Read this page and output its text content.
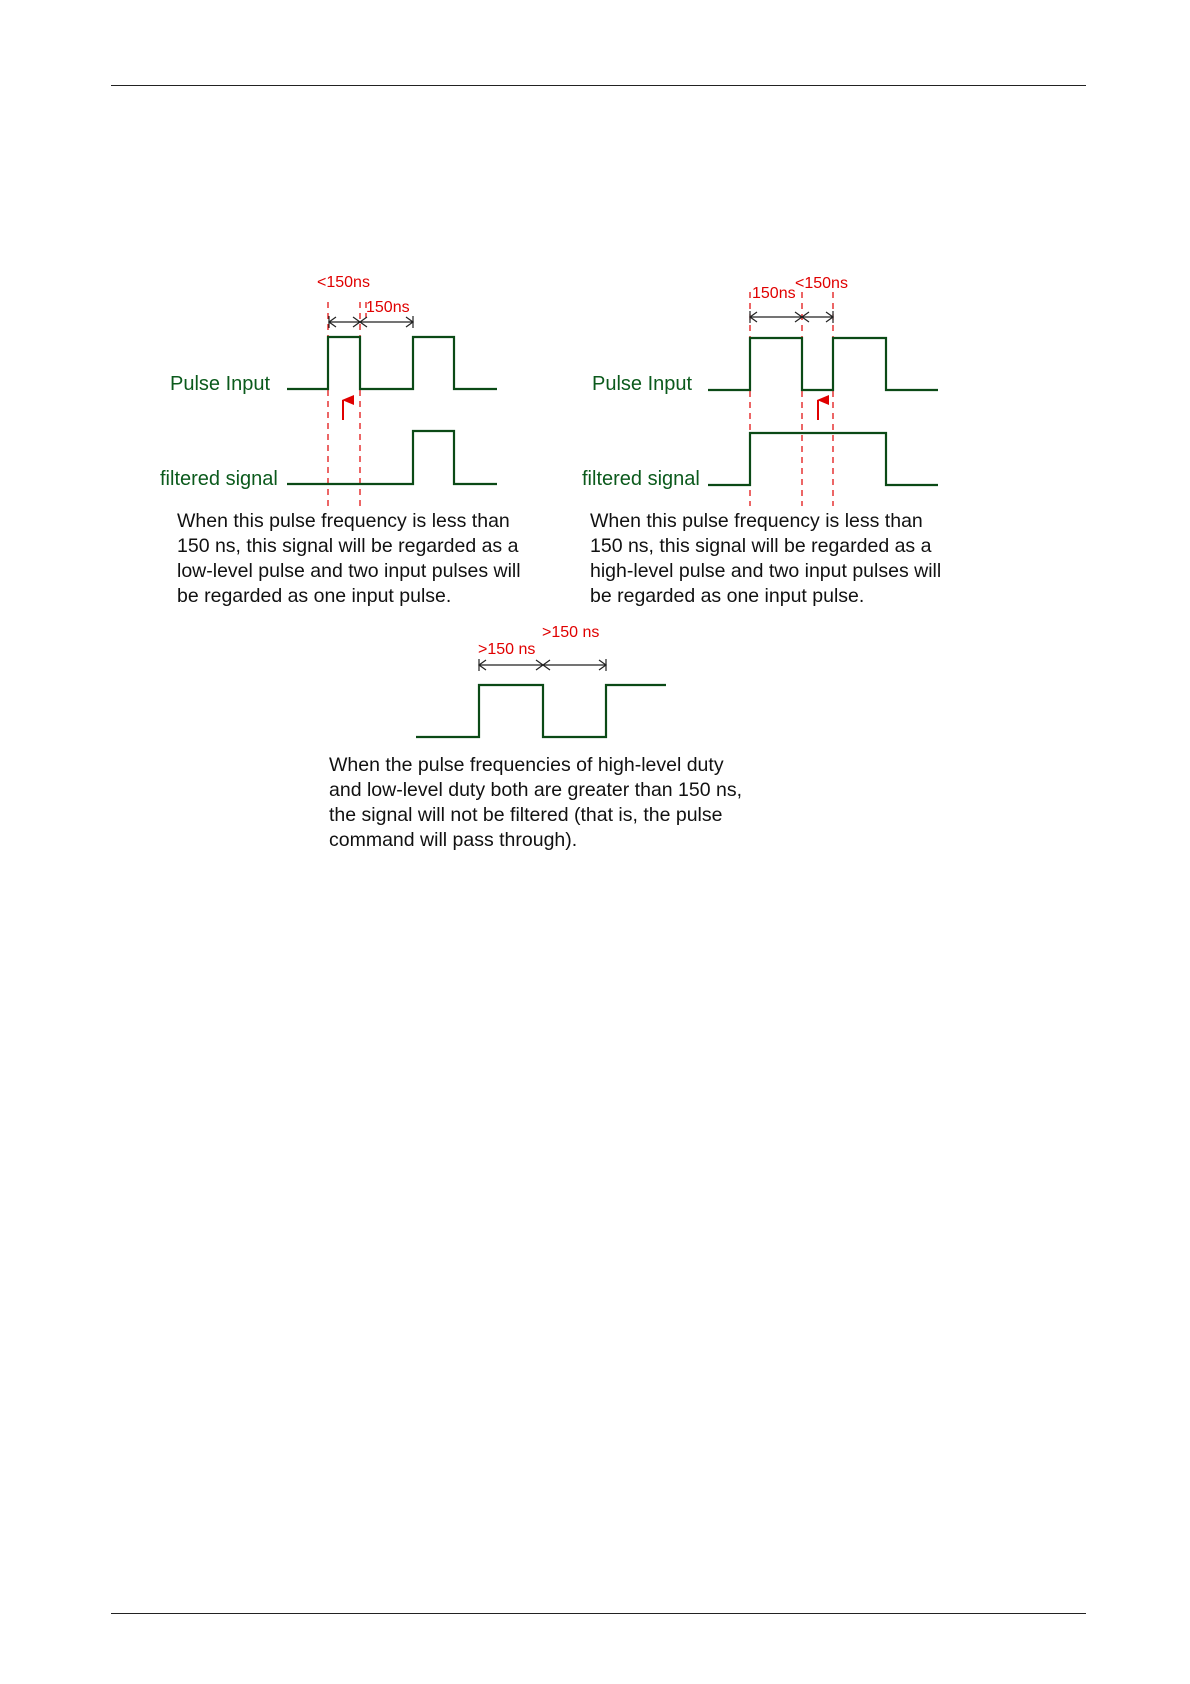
Pulse Input
filtered signal
<150ns
150ns
When this pulse frequency is less than
150 ns, this signal will be regarded as a
low-level pulse and two input pulses will
be regarded as one input pulse.
Pulse Input
filtered signal
150ns
<150ns
When this pulse frequency is less than
150 ns, this signal will be regarded as a
high-level pulse and two input pulses will
be regarded as one input pulse.
>150 ns
>150 ns
When the pulse frequencies of high-level duty
and low-level duty both are greater than 150 ns,
the signal will not be filtered (that is, the pulse
command will pass through).
